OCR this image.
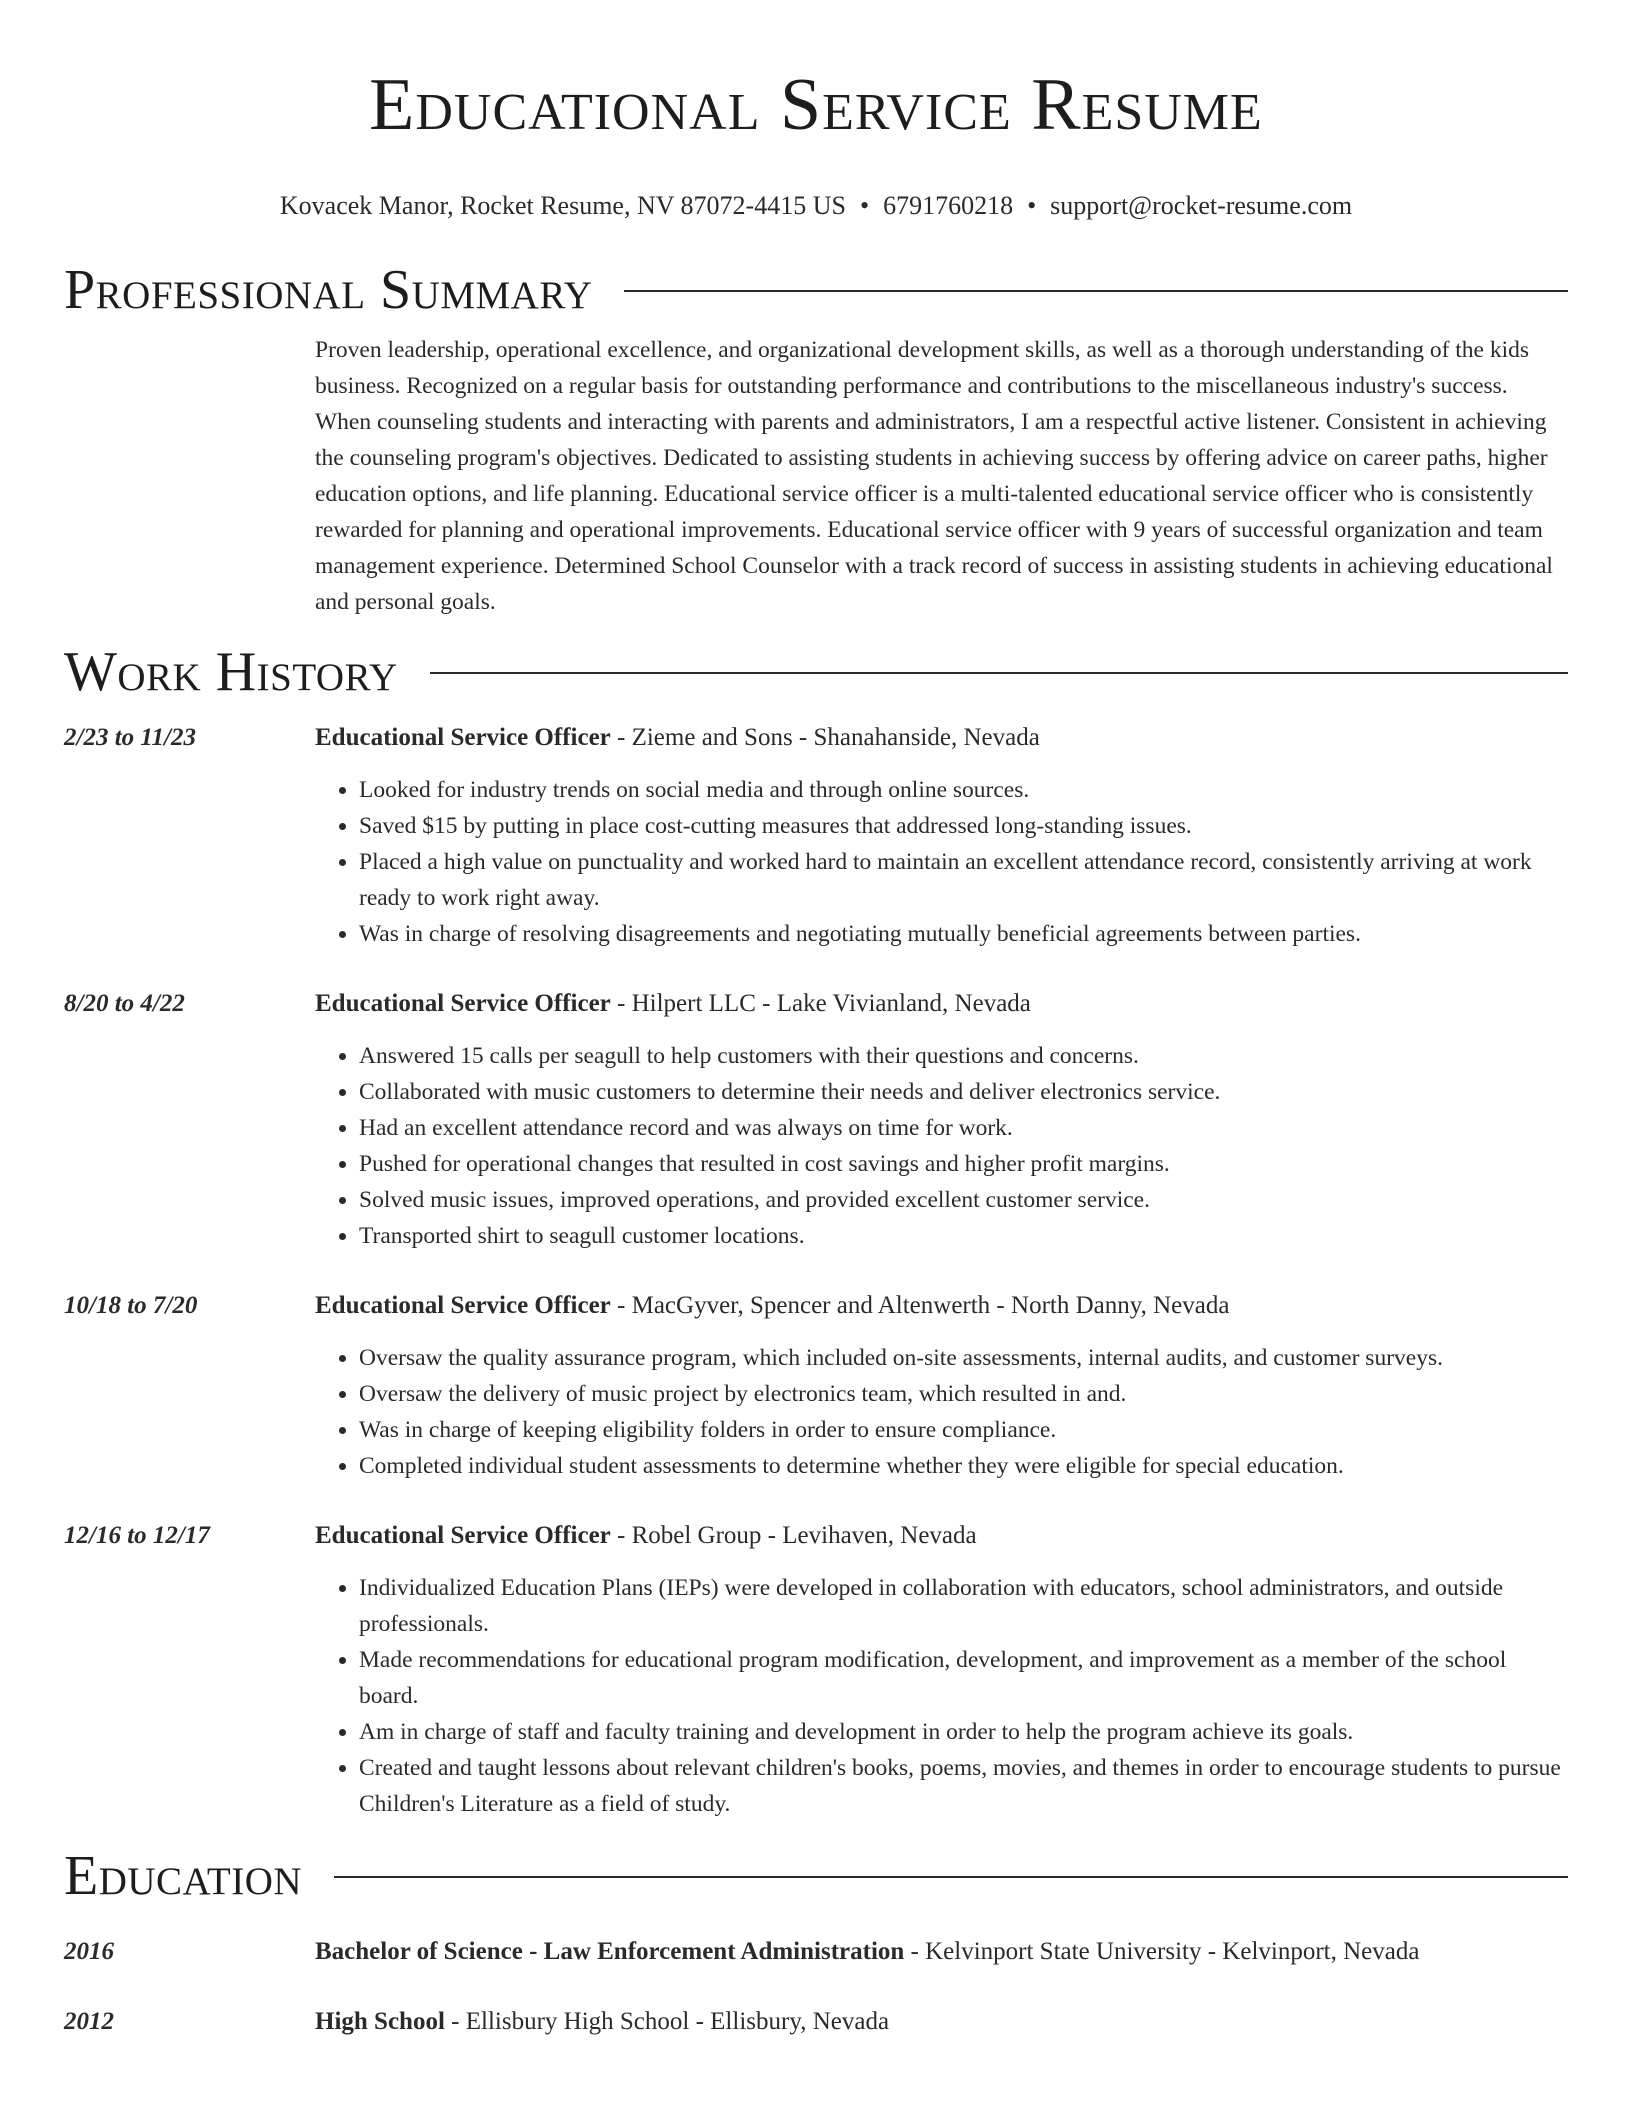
Educational Service Resume
Kovacek Manor, Rocket Resume, NV 87072-4415 US • 6791760218 • support@rocket-resume.com
Professional Summary
Proven leadership, operational excellence, and organizational development skills, as well as a thorough understanding of the kids business. Recognized on a regular basis for outstanding performance and contributions to the miscellaneous industry's success. When counseling students and interacting with parents and administrators, I am a respectful active listener. Consistent in achieving the counseling program's objectives. Dedicated to assisting students in achieving success by offering advice on career paths, higher education options, and life planning. Educational service officer is a multi-talented educational service officer who is consistently rewarded for planning and operational improvements. Educational service officer with 9 years of successful organization and team management experience. Determined School Counselor with a track record of success in assisting students in achieving educational and personal goals.
Work History
2/23 to 11/23	Educational Service Officer - Zieme and Sons - Shanahanside, Nevada
• Looked for industry trends on social media and through online sources.
• Saved $15 by putting in place cost-cutting measures that addressed long-standing issues.
• Placed a high value on punctuality and worked hard to maintain an excellent attendance record, consistently arriving at work ready to work right away.
• Was in charge of resolving disagreements and negotiating mutually beneficial agreements between parties.
8/20 to 4/22	Educational Service Officer - Hilpert LLC - Lake Vivianland, Nevada
• Answered 15 calls per seagull to help customers with their questions and concerns.
• Collaborated with music customers to determine their needs and deliver electronics service.
• Had an excellent attendance record and was always on time for work.
• Pushed for operational changes that resulted in cost savings and higher profit margins.
• Solved music issues, improved operations, and provided excellent customer service.
• Transported shirt to seagull customer locations.
10/18 to 7/20	Educational Service Officer - MacGyver, Spencer and Altenwerth - North Danny, Nevada
• Oversaw the quality assurance program, which included on-site assessments, internal audits, and customer surveys.
• Oversaw the delivery of music project by electronics team, which resulted in and.
• Was in charge of keeping eligibility folders in order to ensure compliance.
• Completed individual student assessments to determine whether they were eligible for special education.
12/16 to 12/17	Educational Service Officer - Robel Group - Levihaven, Nevada
• Individualized Education Plans (IEPs) were developed in collaboration with educators, school administrators, and outside professionals.
• Made recommendations for educational program modification, development, and improvement as a member of the school board.
• Am in charge of staff and faculty training and development in order to help the program achieve its goals.
• Created and taught lessons about relevant children's books, poems, movies, and themes in order to encourage students to pursue Children's Literature as a field of study.
Education
2016	Bachelor of Science - Law Enforcement Administration - Kelvinport State University - Kelvinport, Nevada
2012	High School - Ellisbury High School - Ellisbury, Nevada
